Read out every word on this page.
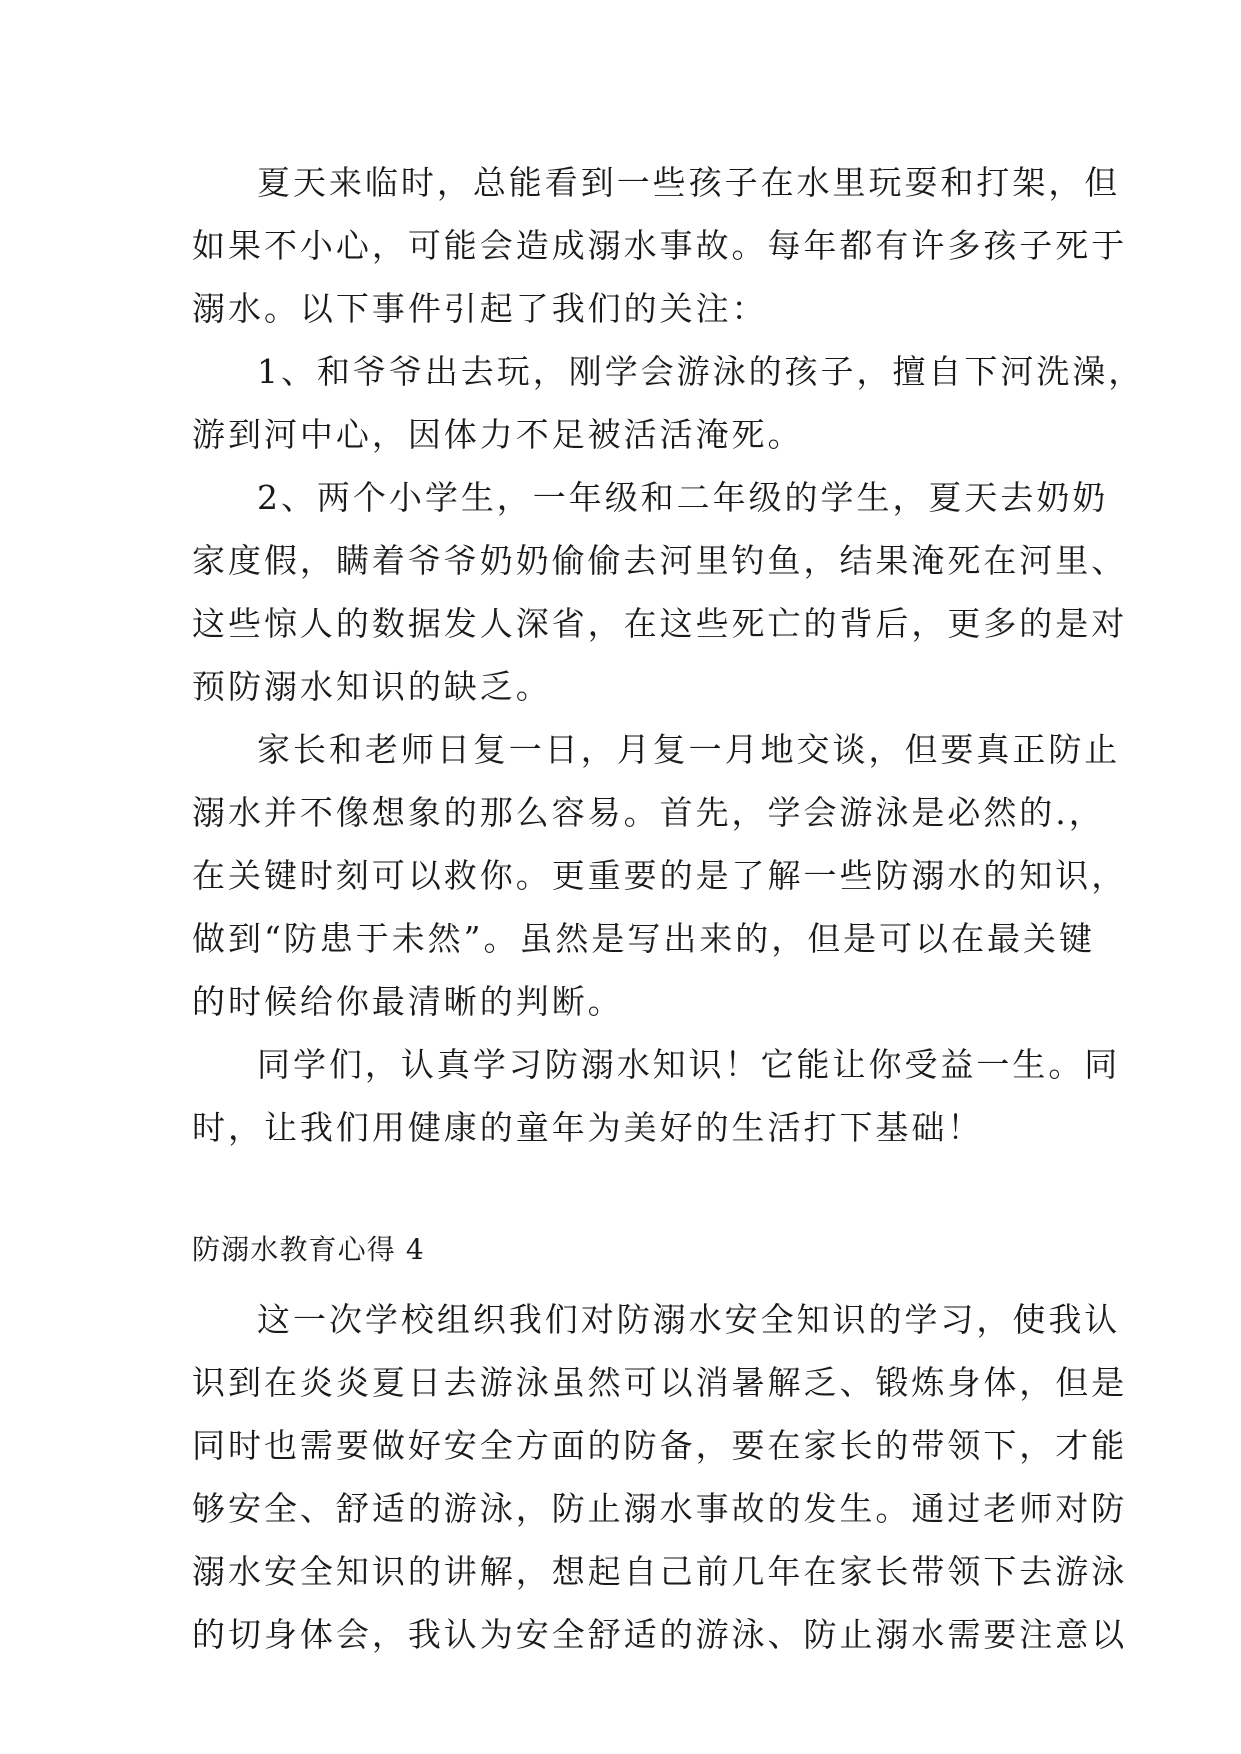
夏天来临时，总能看到一些孩子在水里玩耍和打架，但
如果不小心，可能会造成溺水事故。每年都有许多孩子死于
溺水。以下事件引起了我们的关注：
1、和爷爷出去玩，刚学会游泳的孩子，擅自下河洗澡，
游到河中心，因体力不足被活活淹死。
2、两个小学生，一年级和二年级的学生，夏天去奶奶
家度假，瞒着爷爷奶奶偷偷去河里钓鱼，结果淹死在河里、
这些惊人的数据发人深省，在这些死亡的背后，更多的是对
预防溺水知识的缺乏。
家长和老师日复一日，月复一月地交谈，但要真正防止
溺水并不像想象的那么容易。首先，学会游泳是必然的.，
在关键时刻可以救你。更重要的是了解一些防溺水的知识，
做到“防患于未然”。虽然是写出来的，但是可以在最关键
的时候给你最清晰的判断。
同学们，认真学习防溺水知识！它能让你受益一生。同
时，让我们用健康的童年为美好的生活打下基础！
防溺水教育心得 4
这一次学校组织我们对防溺水安全知识的学习，使我认
识到在炎炎夏日去游泳虽然可以消暑解乏、锻炼身体，但是
同时也需要做好安全方面的防备，要在家长的带领下，才能
够安全、舒适的游泳，防止溺水事故的发生。通过老师对防
溺水安全知识的讲解，想起自己前几年在家长带领下去游泳
的切身体会，我认为安全舒适的游泳、防止溺水需要注意以
